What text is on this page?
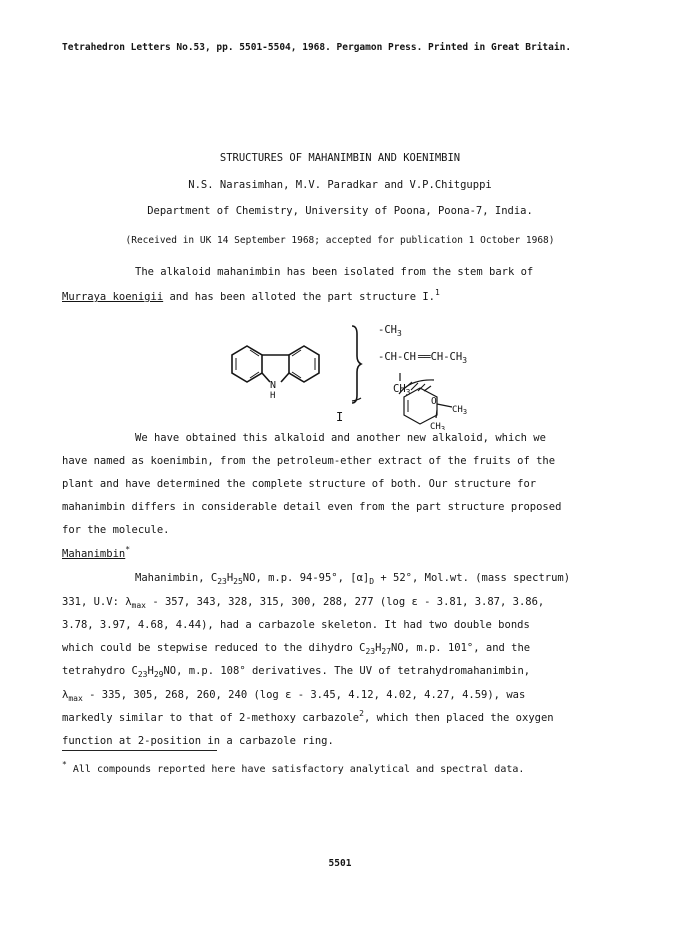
Tetrahedron Letters No.53, pp. 5501-5504, 1968. Pergamon Press. Printed in Great Britain.
STRUCTURES OF MAHANIMBIN AND KOENIMBIN
N.S. Narasimhan, M.V. Paradkar and V.P.Chitguppi
Department of Chemistry, University of Poona, Poona-7, India.
(Received in UK 14 September 1968; accepted for publication 1 October 1968)
The alkaloid mahanimbin has been isolated from the stem bark of
Murraya koenigii and has been alloted the part structure I.$^1$
N
H
$-CH_3$
-CH-CH $══CH-CH_3$
$CH_3$
O
$CH_3$
$CH_3$
I
We have obtained this alkaloid and another new alkaloid, which we
have named as koenimbin, from the petroleum-ether extract of the fruits of the
plant and have determined the complete structure of both. Our structure for
mahanimbin differs in considerable detail even from the part structure proposed
for the molecule.
Mahanimbin*
Mahanimbin, $C_{23}H_{25}NO$, m.p. 94-95°, $[\alpha]_D + 52^\circ$, Mol.wt. (mass spectrum)
331, U.V: $\lambda_{max} - 357$, 343, 328, 315, 300, 288, 277 (log ε - 3.81, 3.87, 3.86,
3.78, 3.97, 4.68, 4.44), had a carbazole skeleton. It had two double bonds
which could be stepwise reduced to the dihydro $C_{23}H_{27}NO$, m.p. 101°, and the
tetrahydro $C_{23}H_{29}NO$, m.p. 108° derivatives. The UV of tetrahydromahanimbin,
$\lambda_{max} - 335$, 305, 268, 260, 240 (log ε - 3.45, 4.12, 4.02, 4.27, 4.59), was
markedly similar to that of 2-methoxy carbazole$^2$, which then placed the oxygen
function at 2-position in a carbazole ring.
* All compounds reported here have satisfactory analytical and spectral data.
5501
